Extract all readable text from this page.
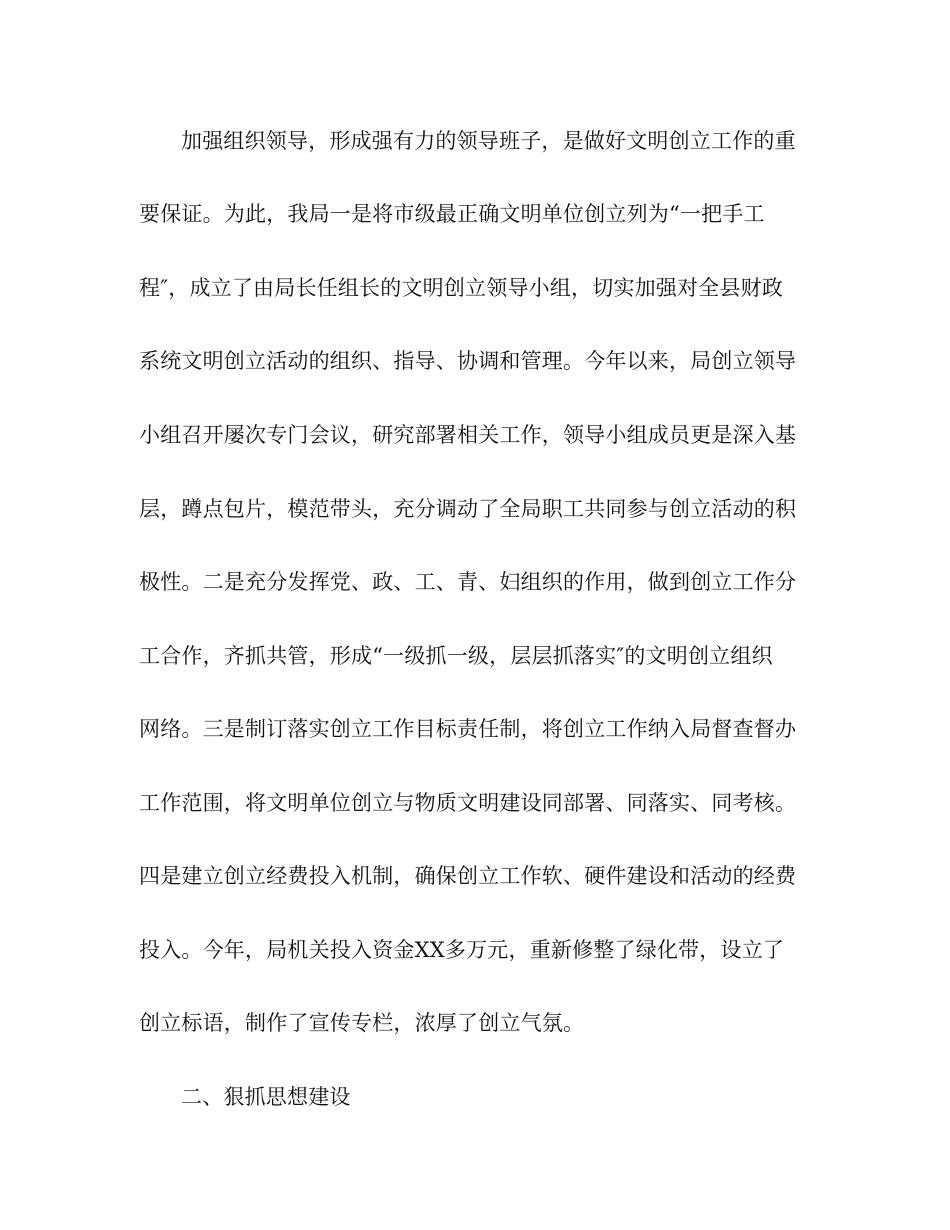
加强组织领导，形成强有力的领导班子，是做好文明创立工作的重
要保证。为此，我局一是将市级最正确文明单位创立列为“一把手工
程″，成立了由局长任组长的文明创立领导小组，切实加强对全县财政
系统文明创立活动的组织、指导、协调和管理。今年以来，局创立领导
小组召开屡次专门会议，研究部署相关工作，领导小组成员更是深入基
层，蹲点包片，模范带头，充分调动了全局职工共同参与创立活动的积
极性。二是充分发挥党、政、工、青、妇组织的作用，做到创立工作分
工合作，齐抓共管，形成“一级抓一级，层层抓落实″的文明创立组织
网络。三是制订落实创立工作目标责任制，将创立工作纳入局督查督办
工作范围，将文明单位创立与物质文明建设同部署、同落实、同考核。
四是建立创立经费投入机制，确保创立工作软、硬件建设和活动的经费
投入。今年，局机关投入资金XX多万元，重新修整了绿化带，设立了
创立标语，制作了宣传专栏，浓厚了创立气氛。
二、狠抓思想建设
